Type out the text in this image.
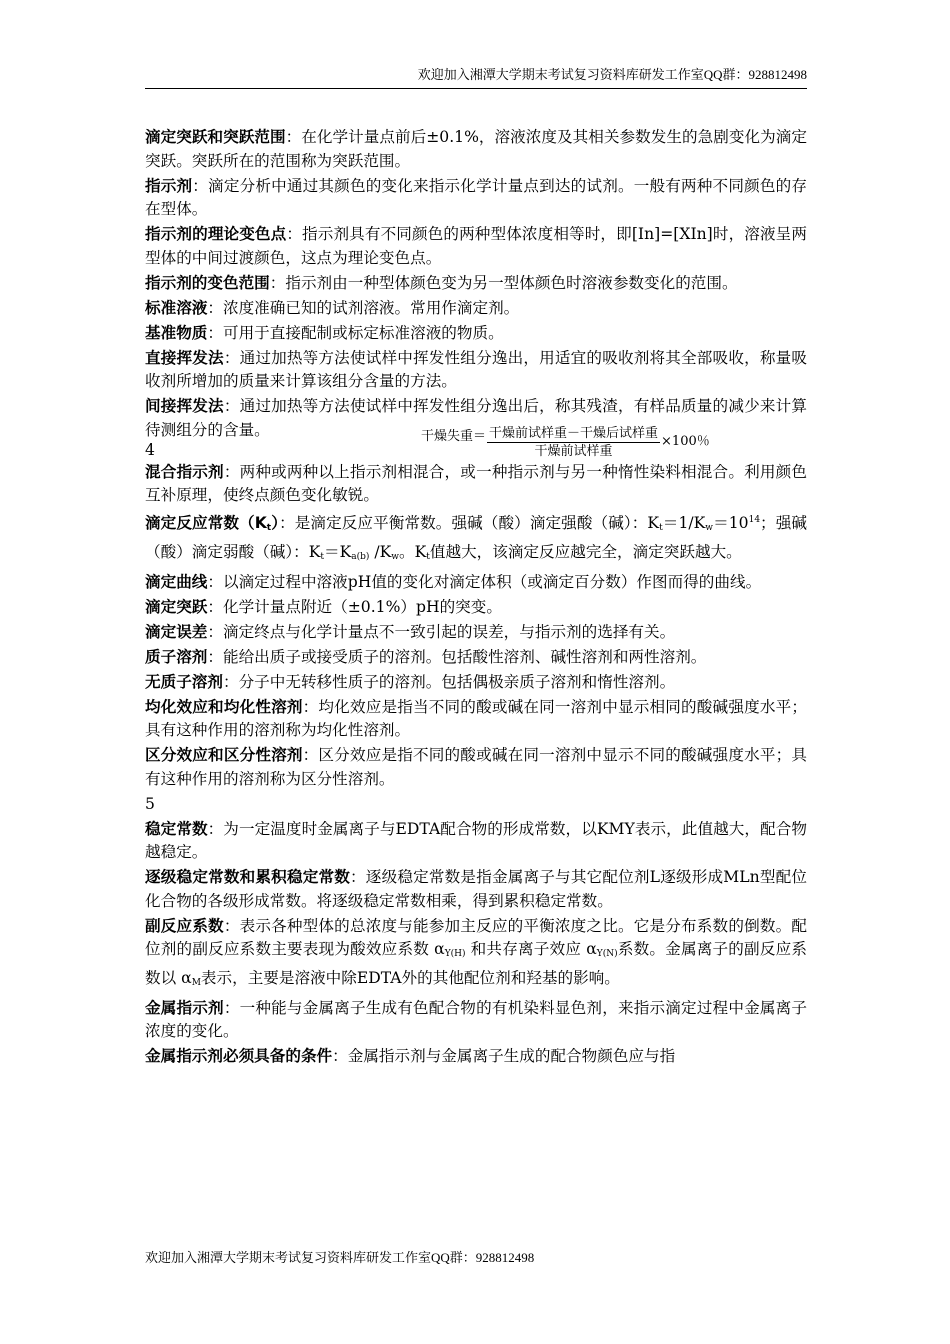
欢迎加入湘潭大学期末考试复习资料库研发工作室QQ群：928812498

滴定突跃和突跃范围：在化学计量点前后±0.1%，溶液浓度及其相关参数发生的急剧变化为滴定突跃。突跃所在的范围称为突跃范围。

指示剂：滴定分析中通过其颜色的变化来指示化学计量点到达的试剂。一般有两种不同颜色的存在型体。

指示剂的理论变色点：指示剂具有不同颜色的两种型体浓度相等时，即[In]=[XIn]时，溶液呈两型体的中间过渡颜色，这点为理论变色点。

指示剂的变色范围：指示剂由一种型体颜色变为另一型体颜色时溶液参数变化的范围。

标准溶液：浓度准确已知的试剂溶液。常用作滴定剂。

基准物质：可用于直接配制或标定标准溶液的物质。

直接挥发法：通过加热等方法使试样中挥发性组分逸出，用适宜的吸收剂将其全部吸收，称量吸收剂所增加的质量来计算该组分含量的方法。

间接挥发法：通过加热等方法使试样中挥发性组分逸出后，称其残渣，有样品质量的减少来计算待测组分的含量。

4
干燥失重＝ $\frac{\text{干燥前试样重－干燥后试样重}}{\text{干燥前试样重}} \times 100$％

混合指示剂：两种或两种以上指示剂相混合，或一种指示剂与另一种惰性染料相混合。利用颜色互补原理，使终点颜色变化敏锐。

滴定反应常数$(K_t)$：是滴定反应平衡常数。强碱（酸）滴定强酸（碱）：$K_t=1/K_w=10^{14}$；强碱（酸）滴定弱酸（碱）：$K_t=K_{a(b)}$ $/K_w$。$K_t$值越大，该滴定反应越完全，滴定突跃越大。

滴定曲线：以滴定过程中溶液pH值的变化对滴定体积（或滴定百分数）作图而得的曲线。

滴定突跃：化学计量点附近（±0.1%）pH的突变。

滴定误差：滴定终点与化学计量点不一致引起的误差，与指示剂的选择有关。

质子溶剂：能给出质子或接受质子的溶剂。包括酸性溶剂、碱性溶剂和两性溶剂。

无质子溶剂：分子中无转移性质子的溶剂。包括偶极亲质子溶剂和惰性溶剂。

均化效应和均化性溶剂：均化效应是指当不同的酸或碱在同一溶剂中显示相同的酸碱强度水平；具有这种作用的溶剂称为均化性溶剂。

区分效应和区分性溶剂：区分效应是指不同的酸或碱在同一溶剂中显示不同的酸碱强度水平；具有这种作用的溶剂称为区分性溶剂。

5

稳定常数：为一定温度时金属离子与EDTA配合物的形成常数，以KMY表示，此值越大，配合物越稳定。

逐级稳定常数和累积稳定常数：逐级稳定常数是指金属离子与其它配位剂L逐级形成MLn型配位化合物的各级形成常数。将逐级稳定常数相乘，得到累积稳定常数。

副反应系数：表示各种型体的总浓度与能参加主反应的平衡浓度之比。它是分布系数的倒数。配位剂的副反应系数主要表现为酸效应系数 $\alpha_{Y(H)}$ 和共存离子效应 $\alpha_{Y(N)}$系数。金属离子的副反应系数以 $\alpha_M$表示，主要是溶液中除EDTA外的其他配位剂和羟基的影响。

金属指示剂：一种能与金属离子生成有色配合物的有机染料显色剂，来指示滴定过程中金属离子浓度的变化。

金属指示剂必须具备的条件：金属指示剂与金属离子生成的配合物颜色应与指

欢迎加入湘潭大学期末考试复习资料库研发工作室QQ群：928812498
